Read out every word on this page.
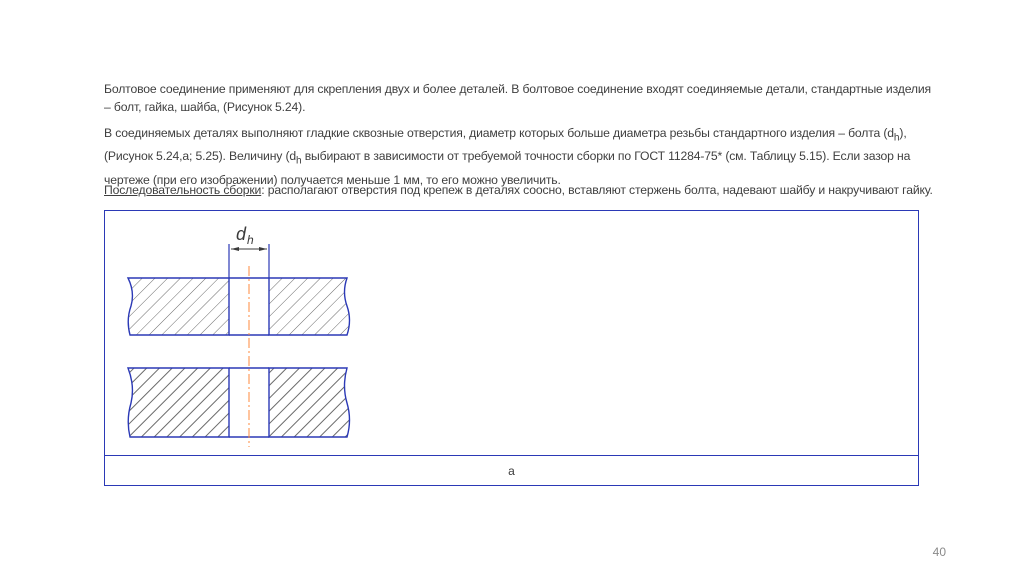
Болтовое соединение применяют для скрепления двух и более деталей. В болтовое соединение входят соединяемые детали, стандартные изделия – болт, гайка, шайба, (Рисунок 5.24).
В соединяемых деталях выполняют гладкие сквозные отверстия, диаметр которых больше диаметра резьбы стандартного изделия – болта $(d_h)$, (Рисунок 5.24,а; 5.25). Величину ($d_h$ выбирают в зависимости от требуемой точности сборки по ГОСТ 11284-75* (см. Таблицу 5.15). Если зазор на чертеже (при его изображении) получается меньше 1 мм, то его можно увеличить.
Последовательность сборки: располагают отверстия под крепеж в деталях соосно, вставляют стержень болта, надевают шайбу и накручивают гайку.
а
d h
40
